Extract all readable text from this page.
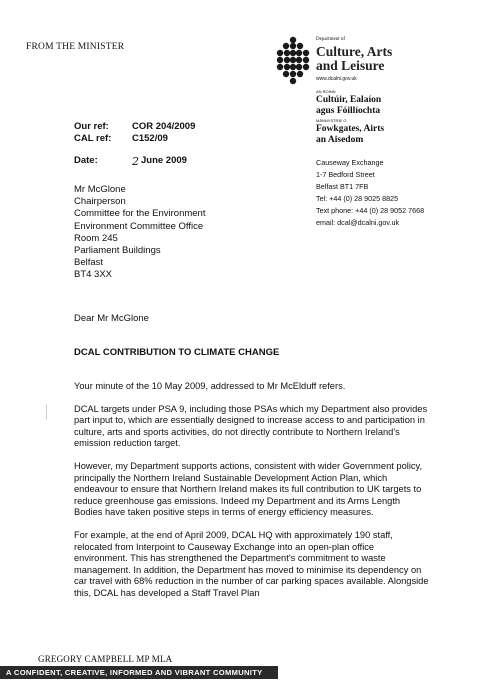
FROM THE MINISTER
Department of
Culture, Arts
and Leisure
www.dcalni.gov.uk
AN ROINN
Cultúir, Ealaíon
agus Fóillíochta
MÄNNYSTRIE O
Fowkgates, Airts
an Aisedom
Causeway Exchange
1-7 Bedford Street
Belfast BT1 7FB
Tel: +44 (0) 28 9025 8825
Text phone: +44 (0) 28 9052 7668
email: dcal@dcalni.gov.uk
Our ref:	COR 204/2009
CAL ref:	C152/09
Date:	2 June 2009
Mr McGlone
Chairperson
Committee for the Environment
Environment Committee Office
Room 245
Parliament Buildings
Belfast
BT4 3XX
Dear Mr McGlone
DCAL CONTRIBUTION TO CLIMATE CHANGE

Your minute of the 10 May 2009, addressed to Mr McElduff refers.

DCAL targets under PSA 9, including those PSAs which my Department also provides part input to, which are essentially designed to increase access to and participation in culture, arts and sports activities, do not directly contribute to Northern Ireland's emission reduction target.

However, my Department supports actions, consistent with wider Government policy, principally the Northern Ireland Sustainable Development Action Plan, which endeavour to ensure that Northern Ireland makes its full contribution to UK targets to reduce greenhouse gas emissions. Indeed my Department and its Arms Length Bodies have taken positive steps in terms of energy efficiency measures.

For example, at the end of April 2009, DCAL HQ with approximately 190 staff, relocated from Interpoint to Causeway Exchange into an open-plan office environment. This has strengthened the Department's commitment to waste management. In addition, the Department has moved to minimise its dependency on car travel with 68% reduction in the number of car parking spaces available. Alongside this, DCAL has developed a Staff Travel Plan

GREGORY CAMPBELL MP MLA
A CONFIDENT, CREATIVE, INFORMED AND VIBRANT COMMUNITY
